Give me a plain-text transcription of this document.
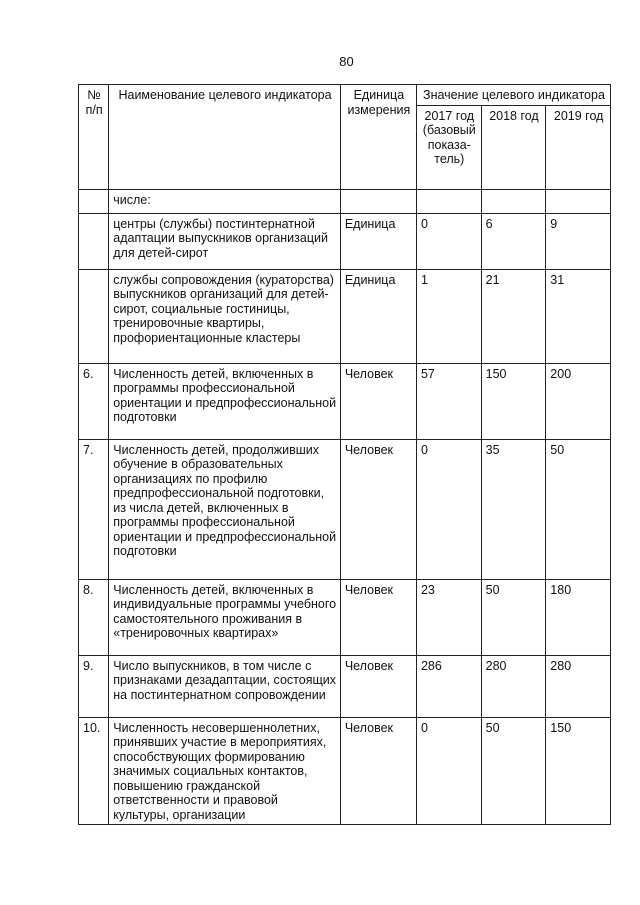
80
№ п/п	Наименование целевого индикатора	Единица измерения	Значение целевого индикатора		
			2017 год (базовый показа-тель)	2018 год	2019 год
	числе:				
	центры (службы) постинтернатной адаптации выпускников организаций для детей-сирот	Единица	0	6	9
	службы сопровождения (кураторства) выпускников организаций для детей-сирот, социальные гостиницы, тренировочные квартиры, профориентационные кластеры	Единица	1	21	31
6.	Численность детей, включенных в программы профессиональной ориентации и предпрофессиональной подготовки	Человек	57	150	200
7.	Численность детей, продолживших обучение в образовательных организациях по профилю предпрофессиональной подготовки, из числа детей, включенных в программы профессиональной ориентации и предпрофессиональной подготовки	Человек	0	35	50
8.	Численность детей, включенных в индивидуальные программы учебного самостоятельного проживания в «тренировочных квартирах»	Человек	23	50	180
9.	Число выпускников, в том числе с признаками дезадаптации, состоящих на постинтернатном сопровождении	Человек	286	280	280
10.	Численность несовершеннолетних, принявших участие в мероприятиях, способствующих формированию значимых социальных контактов, повышению гражданской ответственности и правовой культуры, организации	Человек	0	50	150
